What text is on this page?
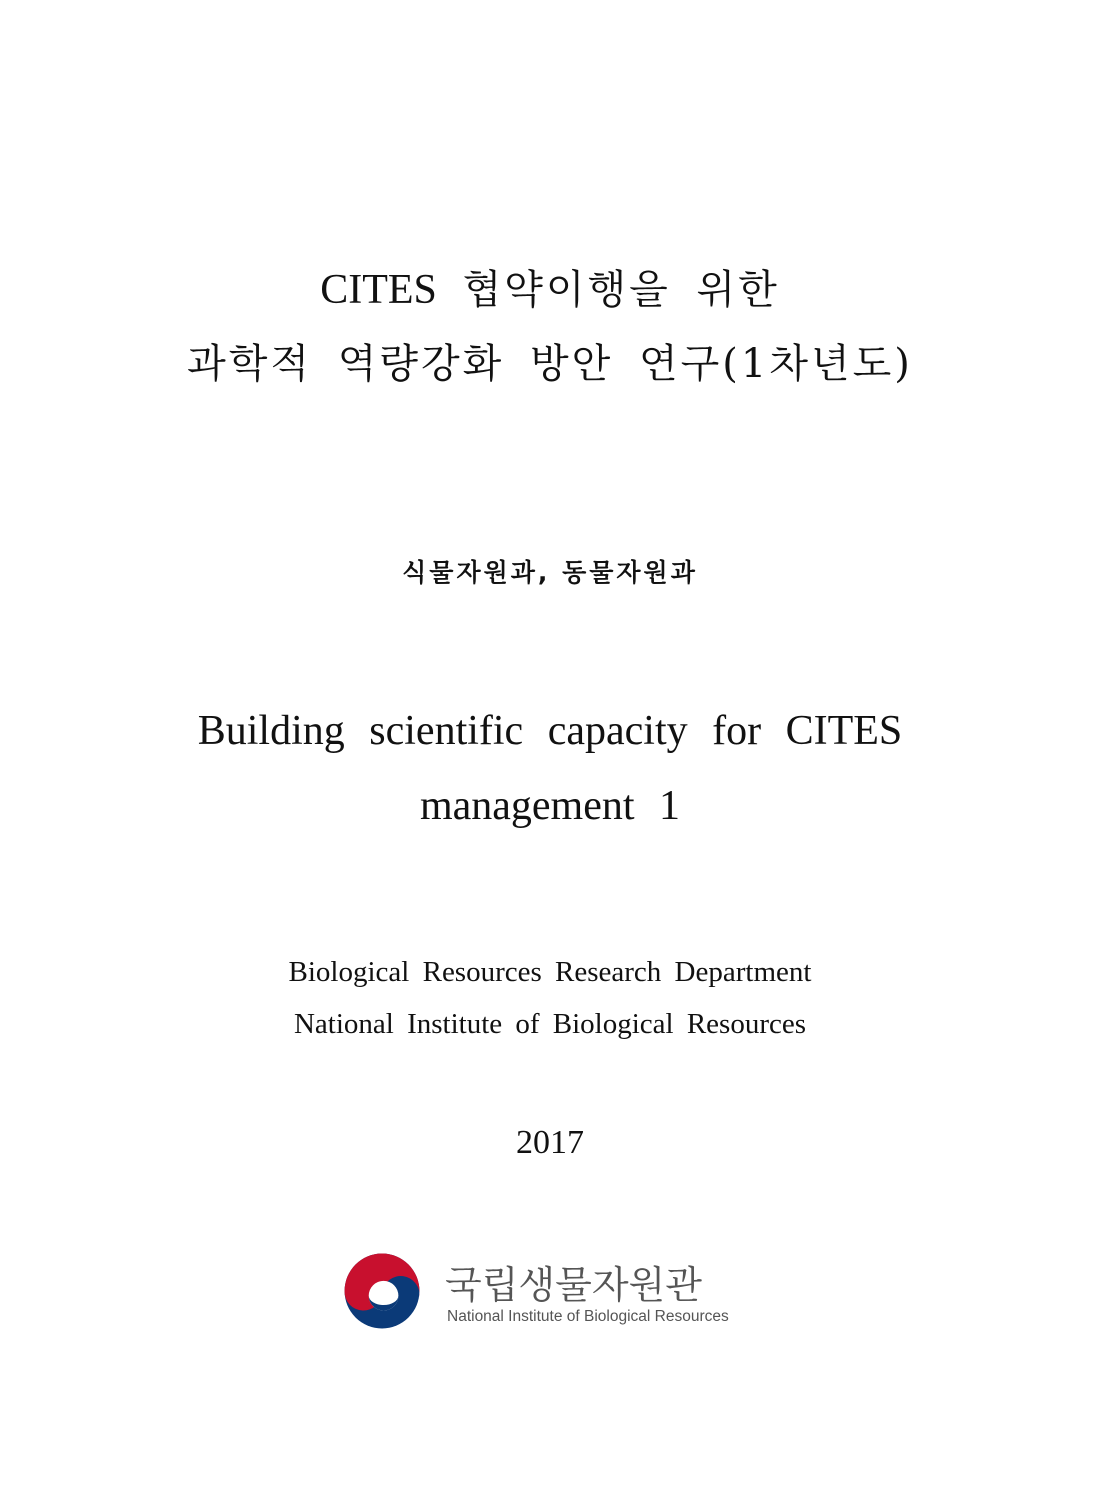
CITES 협약이행을 위한
과학적 역량강화 방안 연구(1차년도)
식물자원과, 동물자원과
Building scientific capacity for CITES
management 1
Biological Resources Research Department
National Institute of Biological Resources
2017
국립생물자원관
National Institute of Biological Resources
